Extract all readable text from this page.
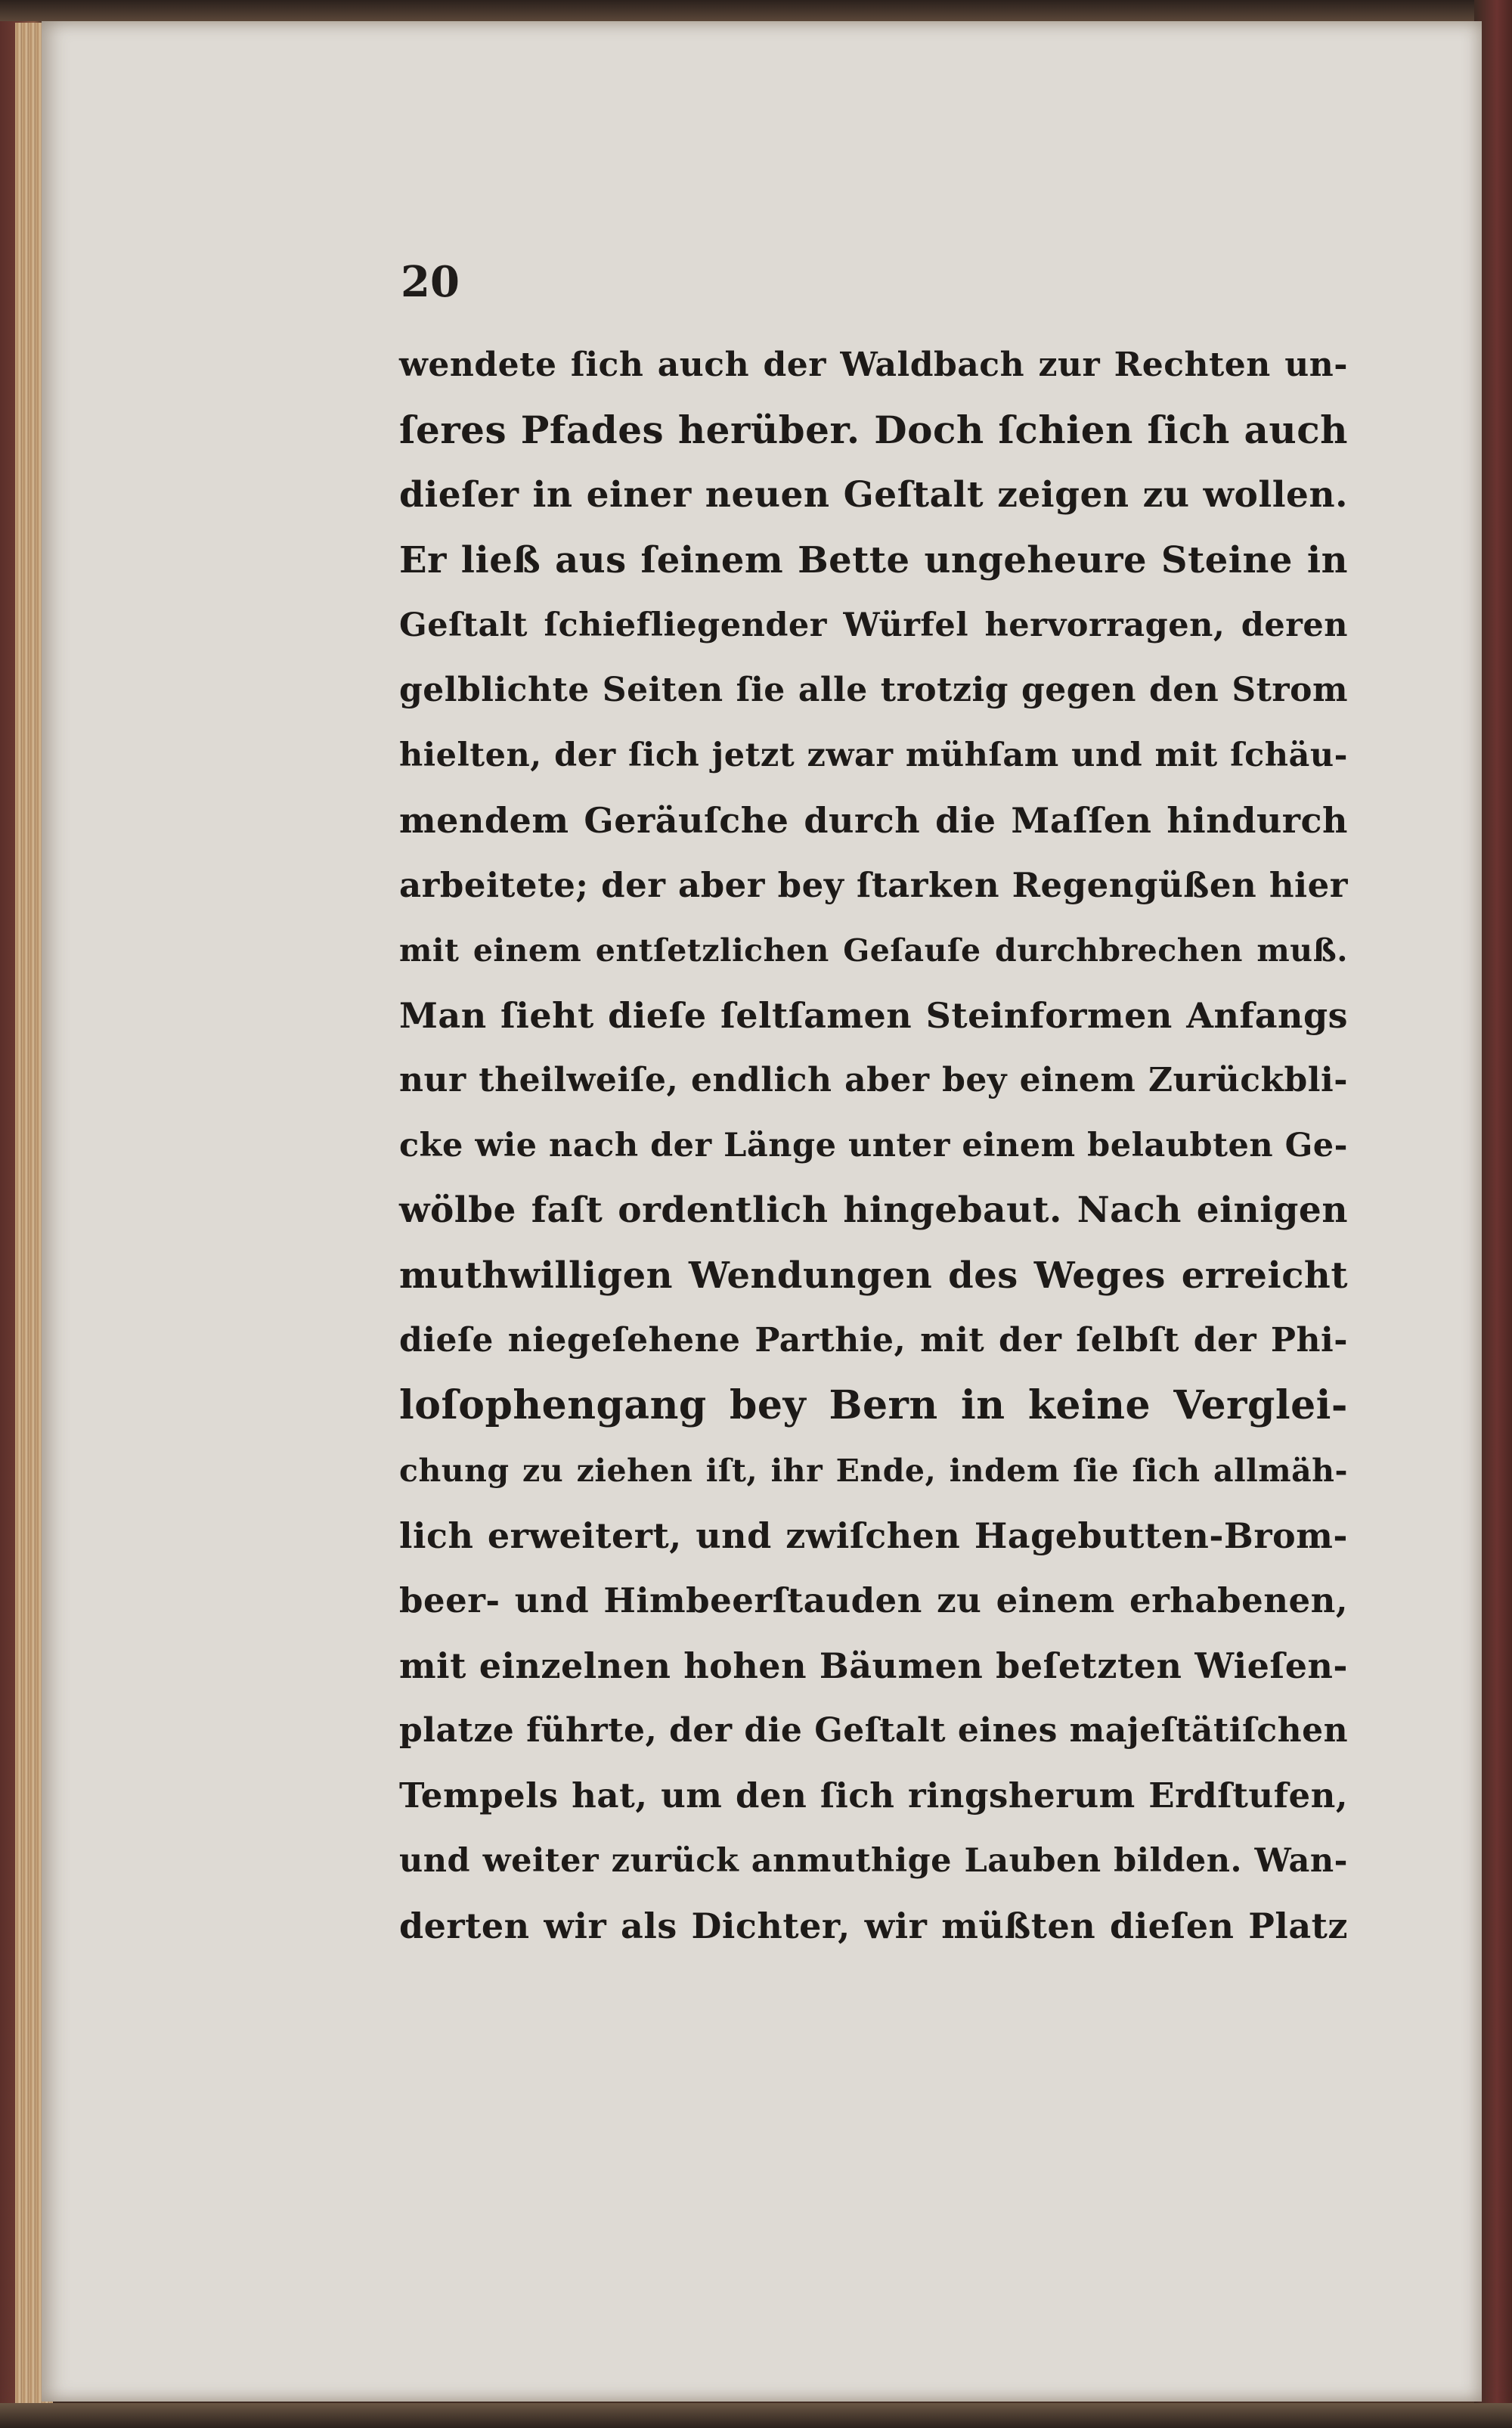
20

wendete ſich auch der Waldbach zur Rechten un-
ſeres Pfades herüber. Doch ſchien ſich auch
dieſer in einer neuen Geſtalt zeigen zu wollen.
Er ließ aus ſeinem Bette ungeheure Steine in
Geſtalt ſchiefliegender Würfel hervorragen, deren
gelblichte Seiten ſie alle trotzig gegen den Strom
hielten, der ſich jetzt zwar mühſam und mit ſchäu-
mendem Geräuſche durch die Maſſen hindurch
arbeitete; der aber bey ſtarken Regengüßen hier
mit einem entſetzlichen Geſauſe durchbrechen muß.
Man ſieht dieſe ſeltſamen Steinformen Anfangs
nur theilweiſe, endlich aber bey einem Zurückbli-
cke wie nach der Länge unter einem belaubten Ge-
wölbe faſt ordentlich hingebaut. Nach einigen
muthwilligen Wendungen des Weges erreicht
dieſe niegeſehene Parthie, mit der ſelbſt der Phi-
loſophengang bey Bern in keine Verglei-
chung zu ziehen iſt, ihr Ende, indem ſie ſich allmäh-
lich erweitert, und zwiſchen Hagebutten-Brom-
beer- und Himbeerſtauden zu einem erhabenen,
mit einzelnen hohen Bäumen beſetzten Wieſen-
platze führte, der die Geſtalt eines majeſtätiſchen
Tempels hat, um den ſich ringsherum Erdſtufen,
und weiter zurück anmuthige Lauben bilden. Wan-
derten wir als Dichter, wir müßten dieſen Platz
